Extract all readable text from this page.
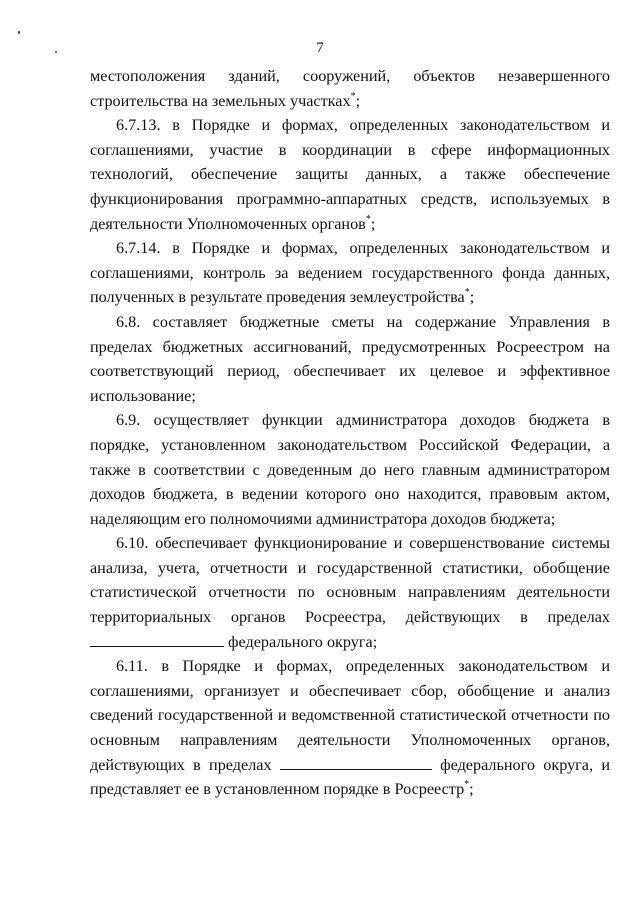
7

местоположения зданий, сооружений, объектов незавершенного строительства на земельных участках*;

6.7.13. в Порядке и формах, определенных законодательством и соглашениями, участие в координации в сфере информационных технологий, обеспечение защиты данных, а также обеспечение функционирования программно-аппаратных средств, используемых в деятельности Уполномоченных органов*;

6.7.14. в Порядке и формах, определенных законодательством и соглашениями, контроль за ведением государственного фонда данных, полученных в результате проведения землеустройства*;

6.8. составляет бюджетные сметы на содержание Управления в пределах бюджетных ассигнований, предусмотренных Росреестром на соответствующий период, обеспечивает их целевое и эффективное использование;

6.9. осуществляет функции администратора доходов бюджета в порядке, установленном законодательством Российской Федерации, а также в соответствии с доведенным до него главным администратором доходов бюджета, в ведении которого оно находится, правовым актом, наделяющим его полномочиями администратора доходов бюджета;

6.10. обеспечивает функционирование и совершенствование системы анализа, учета, отчетности и государственной статистики, обобщение статистической отчетности по основным направлениям деятельности территориальных органов Росреестра, действующих в пределах  федерального округа;

6.11. в Порядке и формах, определенных законодательством и соглашениями, организует и обеспечивает сбор, обобщение и анализ сведений государственной и ведомственной статистической отчетности по основным направлениям деятельности Уполномоченных органов, действующих в пределах	федерального округа, и представляет ее в установленном порядке в Росреестр*;
